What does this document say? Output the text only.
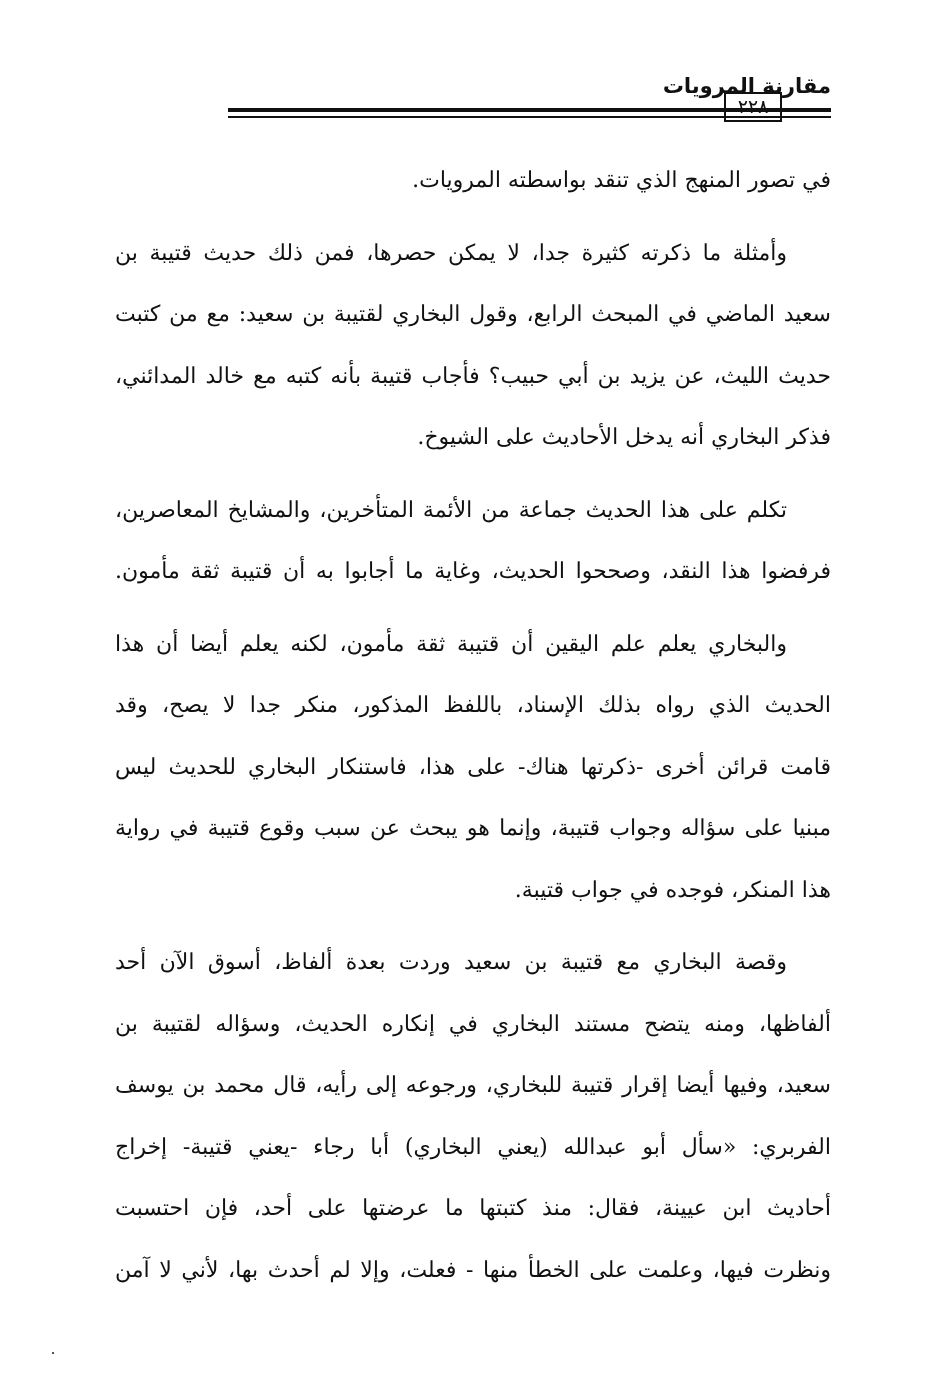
مقارنة المرويات
٢٢٨

في تصور المنهج الذي تنقد بواسطته المرويات.

وأمثلة ما ذكرته كثيرة جدا، لا يمكن حصرها، فمن ذلك حديث قتيبة بن
سعيد الماضي في المبحث الرابع، وقول البخاري لقتيبة بن سعيد: مع من كتبت
حديث الليث، عن يزيد بن أبي حبيب؟ فأجاب قتيبة بأنه كتبه مع خالد المدائني،
فذكر البخاري أنه يدخل الأحاديث على الشيوخ.

تكلم على هذا الحديث جماعة من الأئمة المتأخرين، والمشايخ المعاصرين،
فرفضوا هذا النقد، وصححوا الحديث، وغاية ما أجابوا به أن قتيبة ثقة مأمون.

والبخاري يعلم علم اليقين أن قتيبة ثقة مأمون، لكنه يعلم أيضا أن هذا
الحديث الذي رواه بذلك الإسناد، باللفظ المذكور، منكر جدا لا يصح، وقد
قامت قرائن أخرى -ذكرتها هناك- على هذا، فاستنكار البخاري للحديث ليس
مبنيا على سؤاله وجواب قتيبة، وإنما هو يبحث عن سبب وقوع قتيبة في رواية
هذا المنكر، فوجده في جواب قتيبة.

وقصة البخاري مع قتيبة بن سعيد وردت بعدة ألفاظ، أسوق الآن أحد
ألفاظها، ومنه يتضح مستند البخاري في إنكاره الحديث، وسؤاله لقتيبة بن
سعيد، وفيها أيضا إقرار قتيبة للبخاري، ورجوعه إلى رأيه، قال محمد بن يوسف
الفربري: «سأل أبو عبدالله (يعني البخاري) أبا رجاء -يعني قتيبة- إخراج
أحاديث ابن عيينة، فقال: منذ كتبتها ما عرضتها على أحد، فإن احتسبت
ونظرت فيها، وعلمت على الخطأ منها - فعلت، وإلا لم أحدث بها، لأني لا آمن
